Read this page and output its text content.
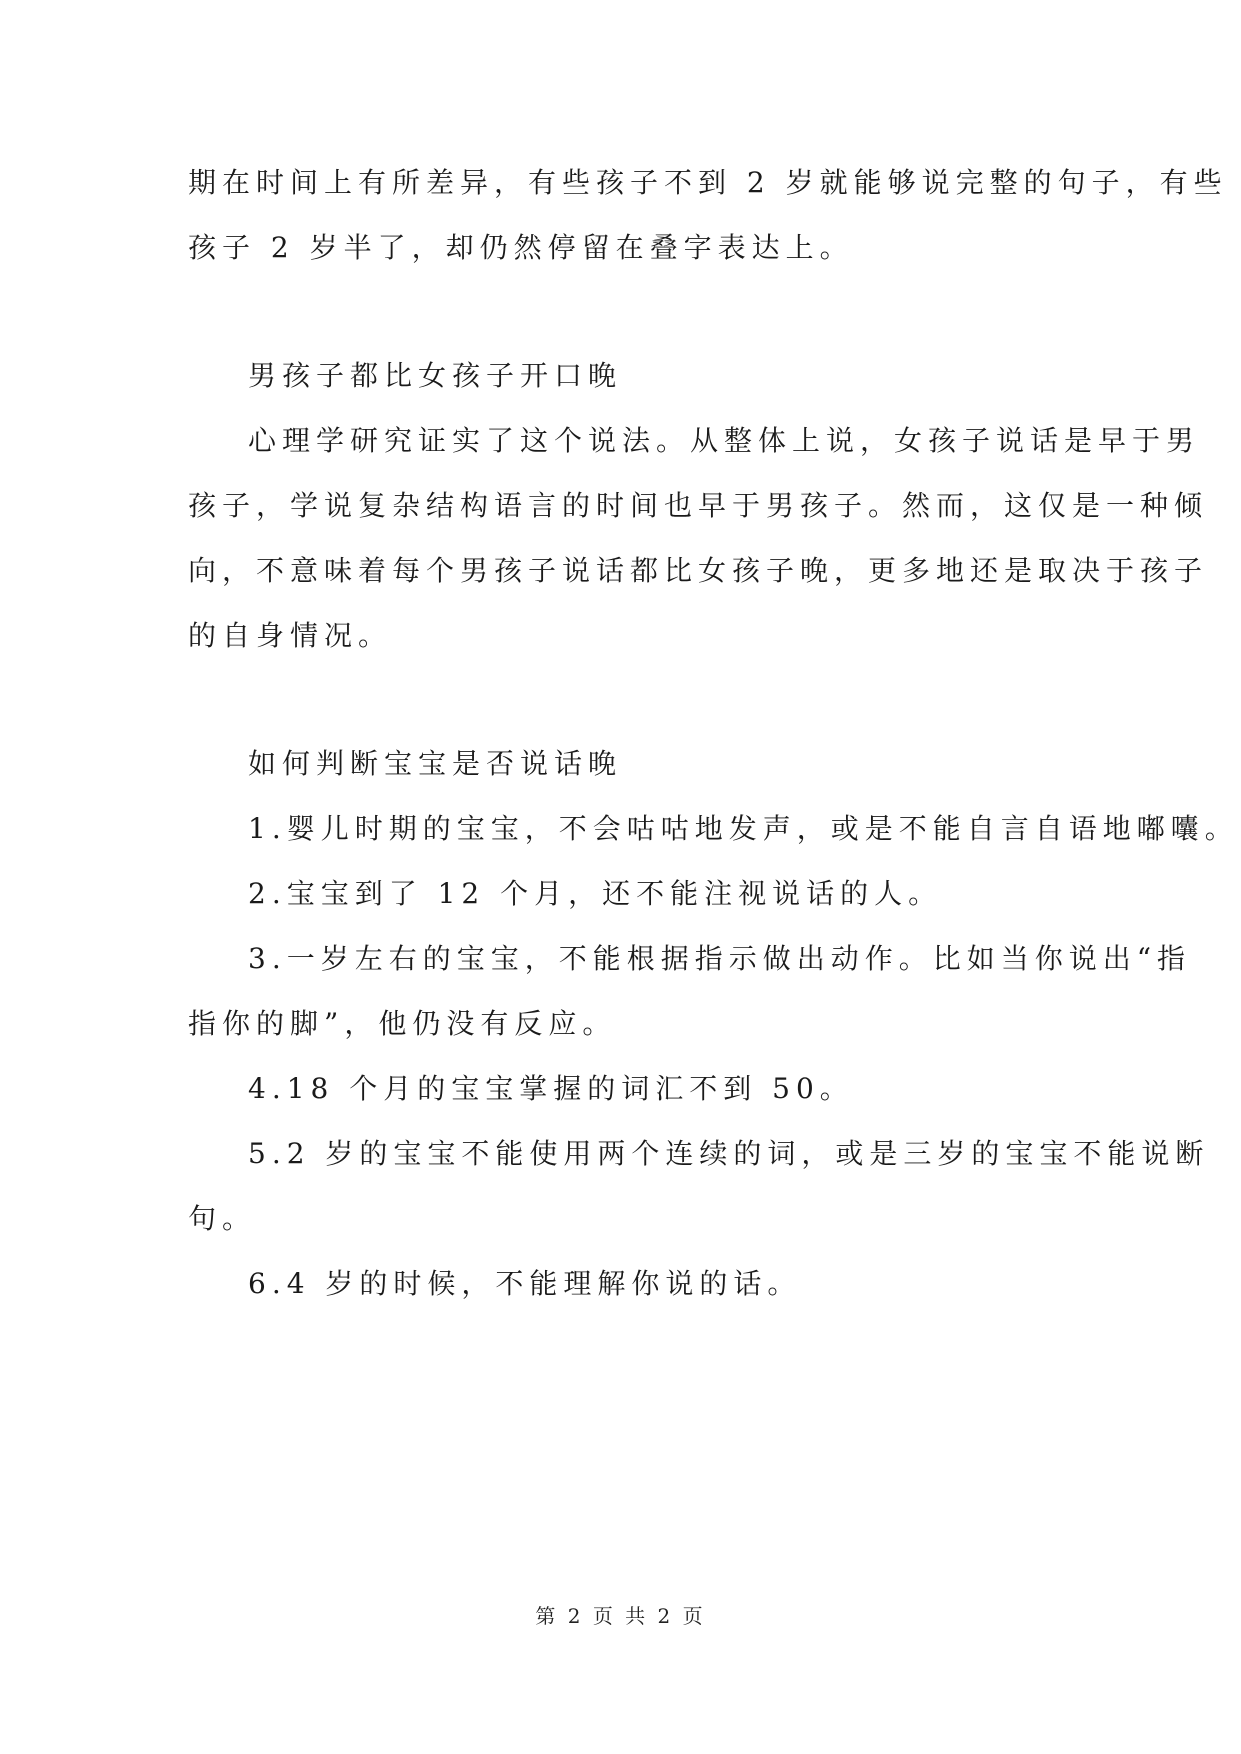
期在时间上有所差异，有些孩子不到 2 岁就能够说完整的句子，有些
孩子 2 岁半了，却仍然停留在叠字表达上。
男孩子都比女孩子开口晚
心理学研究证实了这个说法。从整体上说，女孩子说话是早于男
孩子，学说复杂结构语言的时间也早于男孩子。然而，这仅是一种倾
向，不意味着每个男孩子说话都比女孩子晚，更多地还是取决于孩子
的自身情况。
如何判断宝宝是否说话晚
1.婴儿时期的宝宝，不会咕咕地发声，或是不能自言自语地嘟囔。
2.宝宝到了 12 个月，还不能注视说话的人。
3.一岁左右的宝宝，不能根据指示做出动作。比如当你说出“指
指你的脚”，他仍没有反应。
4.18 个月的宝宝掌握的词汇不到 50。
5.2 岁的宝宝不能使用两个连续的词，或是三岁的宝宝不能说断
句。
6.4 岁的时候，不能理解你说的话。
第 2 页 共 2 页
